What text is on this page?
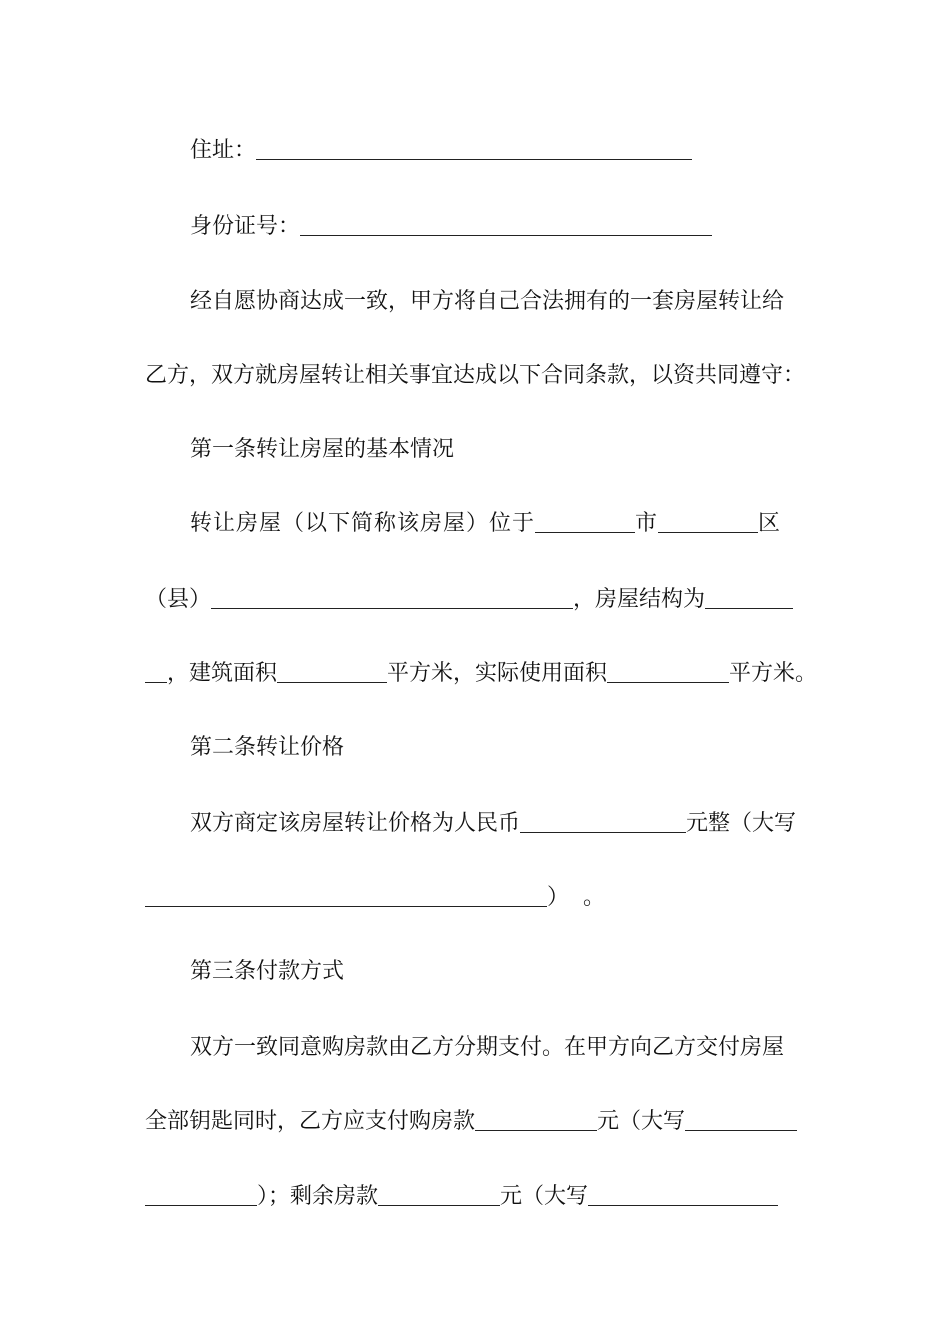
住址：
身份证号：
经自愿协商达成一致，甲方将自己合法拥有的一套房屋转让给
乙方，双方就房屋转让相关事宜达成以下合同条款，以资共同遵守：
第一条转让房屋的基本情况
转让房屋（以下简称该房屋）位于	市	区
（县）	，房屋结构为
，建筑面积	平方米，实际使用面积	平方米。
第二条转让价格
双方商定该房屋转让价格为人民币	元整（大写
）  。
第三条付款方式
双方一致同意购房款由乙方分期支付。在甲方向乙方交付房屋
全部钥匙同时，乙方应支付购房款	元（大写
）；剩余房款	元（大写
